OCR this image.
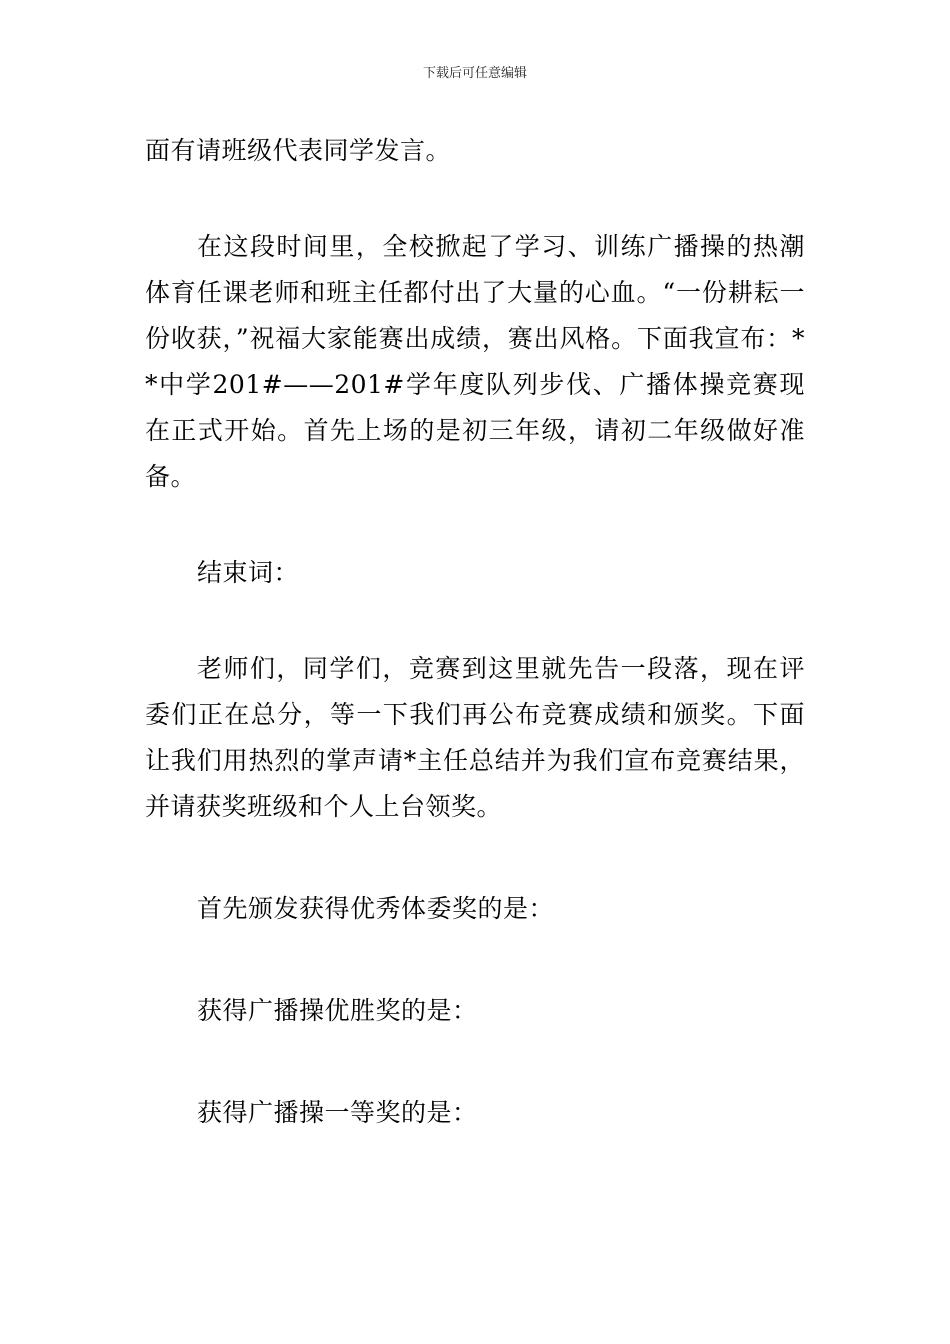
下载后可任意编辑

面有请班级代表同学发言。

在这段时间里，全校掀起了学习、训练广播操的热潮体育任课老师和班主任都付出了大量的心血。“一份耕耘一份收获，”祝福大家能赛出成绩，赛出风格。下面我宣布：**中学201#——201#学年度队列步伐、广播体操竞赛现在正式开始。首先上场的是初三年级，请初二年级做好准备。

结束词：

老师们，同学们，竞赛到这里就先告一段落，现在评委们正在总分，等一下我们再公布竞赛成绩和颁奖。下面让我们用热烈的掌声请*主任总结并为我们宣布竞赛结果，并请获奖班级和个人上台领奖。

首先颁发获得优秀体委奖的是：

获得广播操优胜奖的是：

获得广播操一等奖的是：
